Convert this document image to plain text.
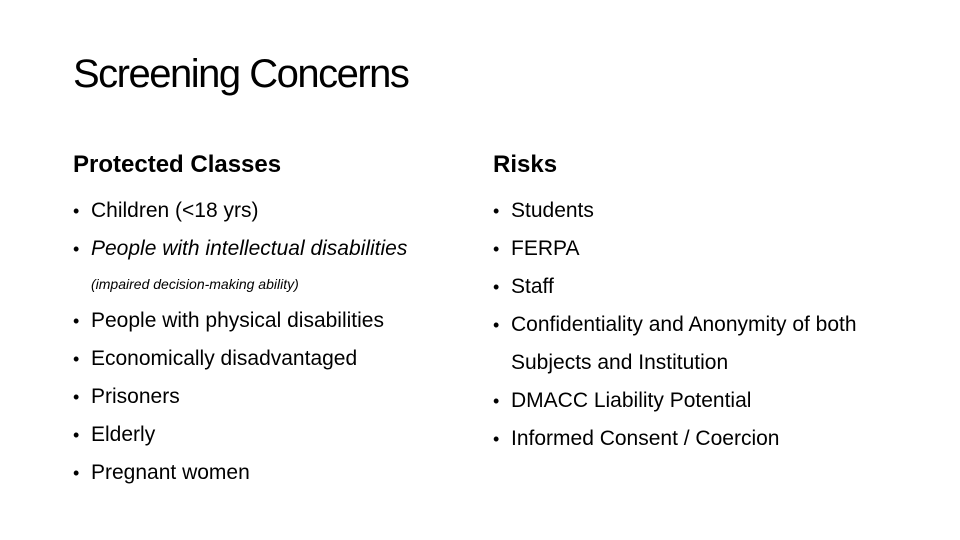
Screening Concerns
Protected Classes
• Children (<18 yrs)
• People with intellectual disabilities
(impaired decision-making ability)
• People with physical disabilities
• Economically disadvantaged
• Prisoners
• Elderly
• Pregnant women
Risks
• Students
• FERPA
• Staff
• Confidentiality and Anonymity of both Subjects and Institution
• DMACC Liability Potential
• Informed Consent / Coercion
